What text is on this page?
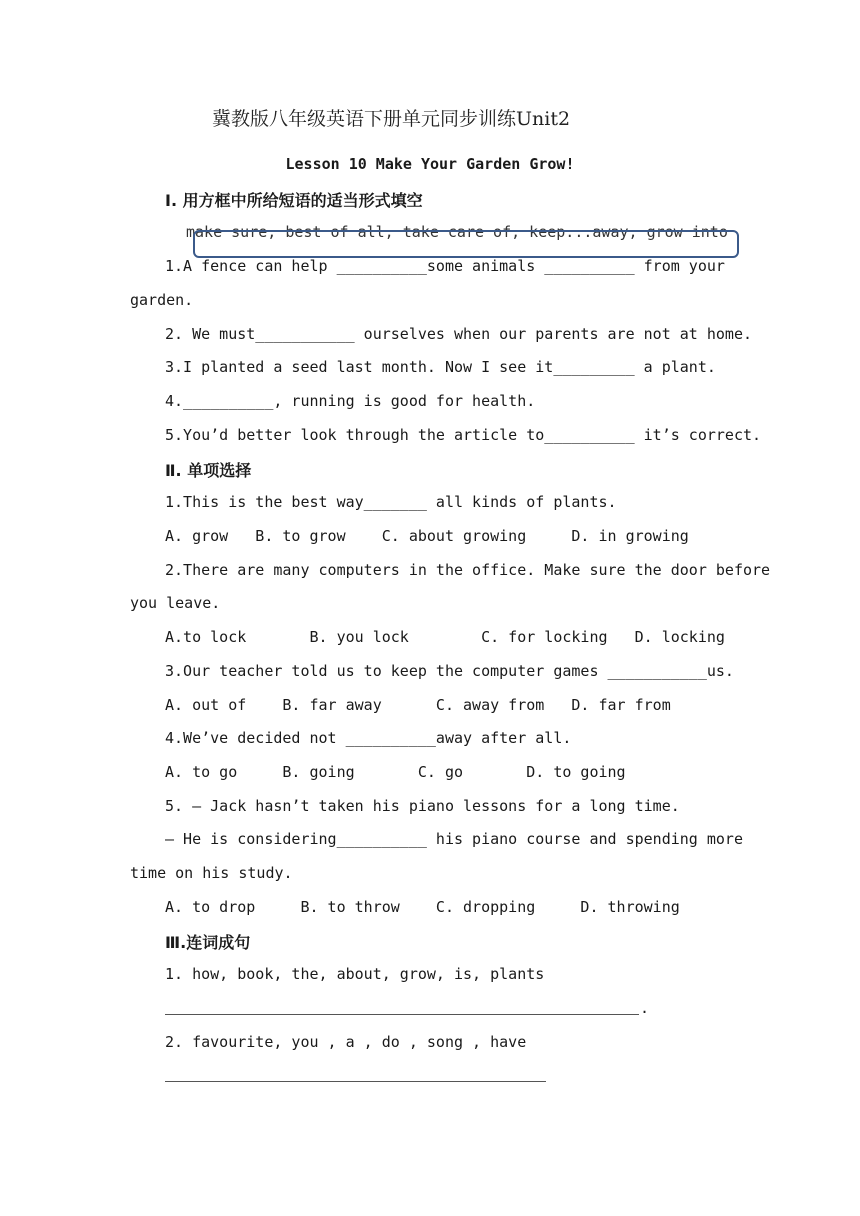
冀教版八年级英语下册单元同步训练Unit2
Lesson 10 Make Your Garden Grow!
Ⅰ. 用方框中所给短语的适当形式填空
make sure, best of all, take care of, keep...away, grow into
1.A fence can help __________some animals __________ from your
garden.
2. We must___________ ourselves when our parents are not at home.
3.I planted a seed last month. Now I see it_________ a plant.
4.__________, running is good for health.
5.You’d better look through the article to__________ it’s correct.
Ⅱ. 单项选择
1.This is the best way_______ all kinds of plants.
A. grow   B. to grow    C. about growing     D. in growing
2.There are many computers in the office. Make sure the door before
you leave.
A.to lock       B. you lock        C. for locking   D. locking
3.Our teacher told us to keep the computer games ___________us.
A. out of    B. far away      C. away from   D. far from
4.We’ve decided not __________away after all.
A. to go     B. going       C. go       D. to going
5. — Jack hasn’t taken his piano lessons for a long time.
— He is considering__________ his piano course and spending more
time on his study.
A. to drop     B. to throw    C. dropping     D. throwing
Ⅲ.连词成句
1. how, book, the, about, grow, is, plants
.
2. favourite, you , a , do , song , have
